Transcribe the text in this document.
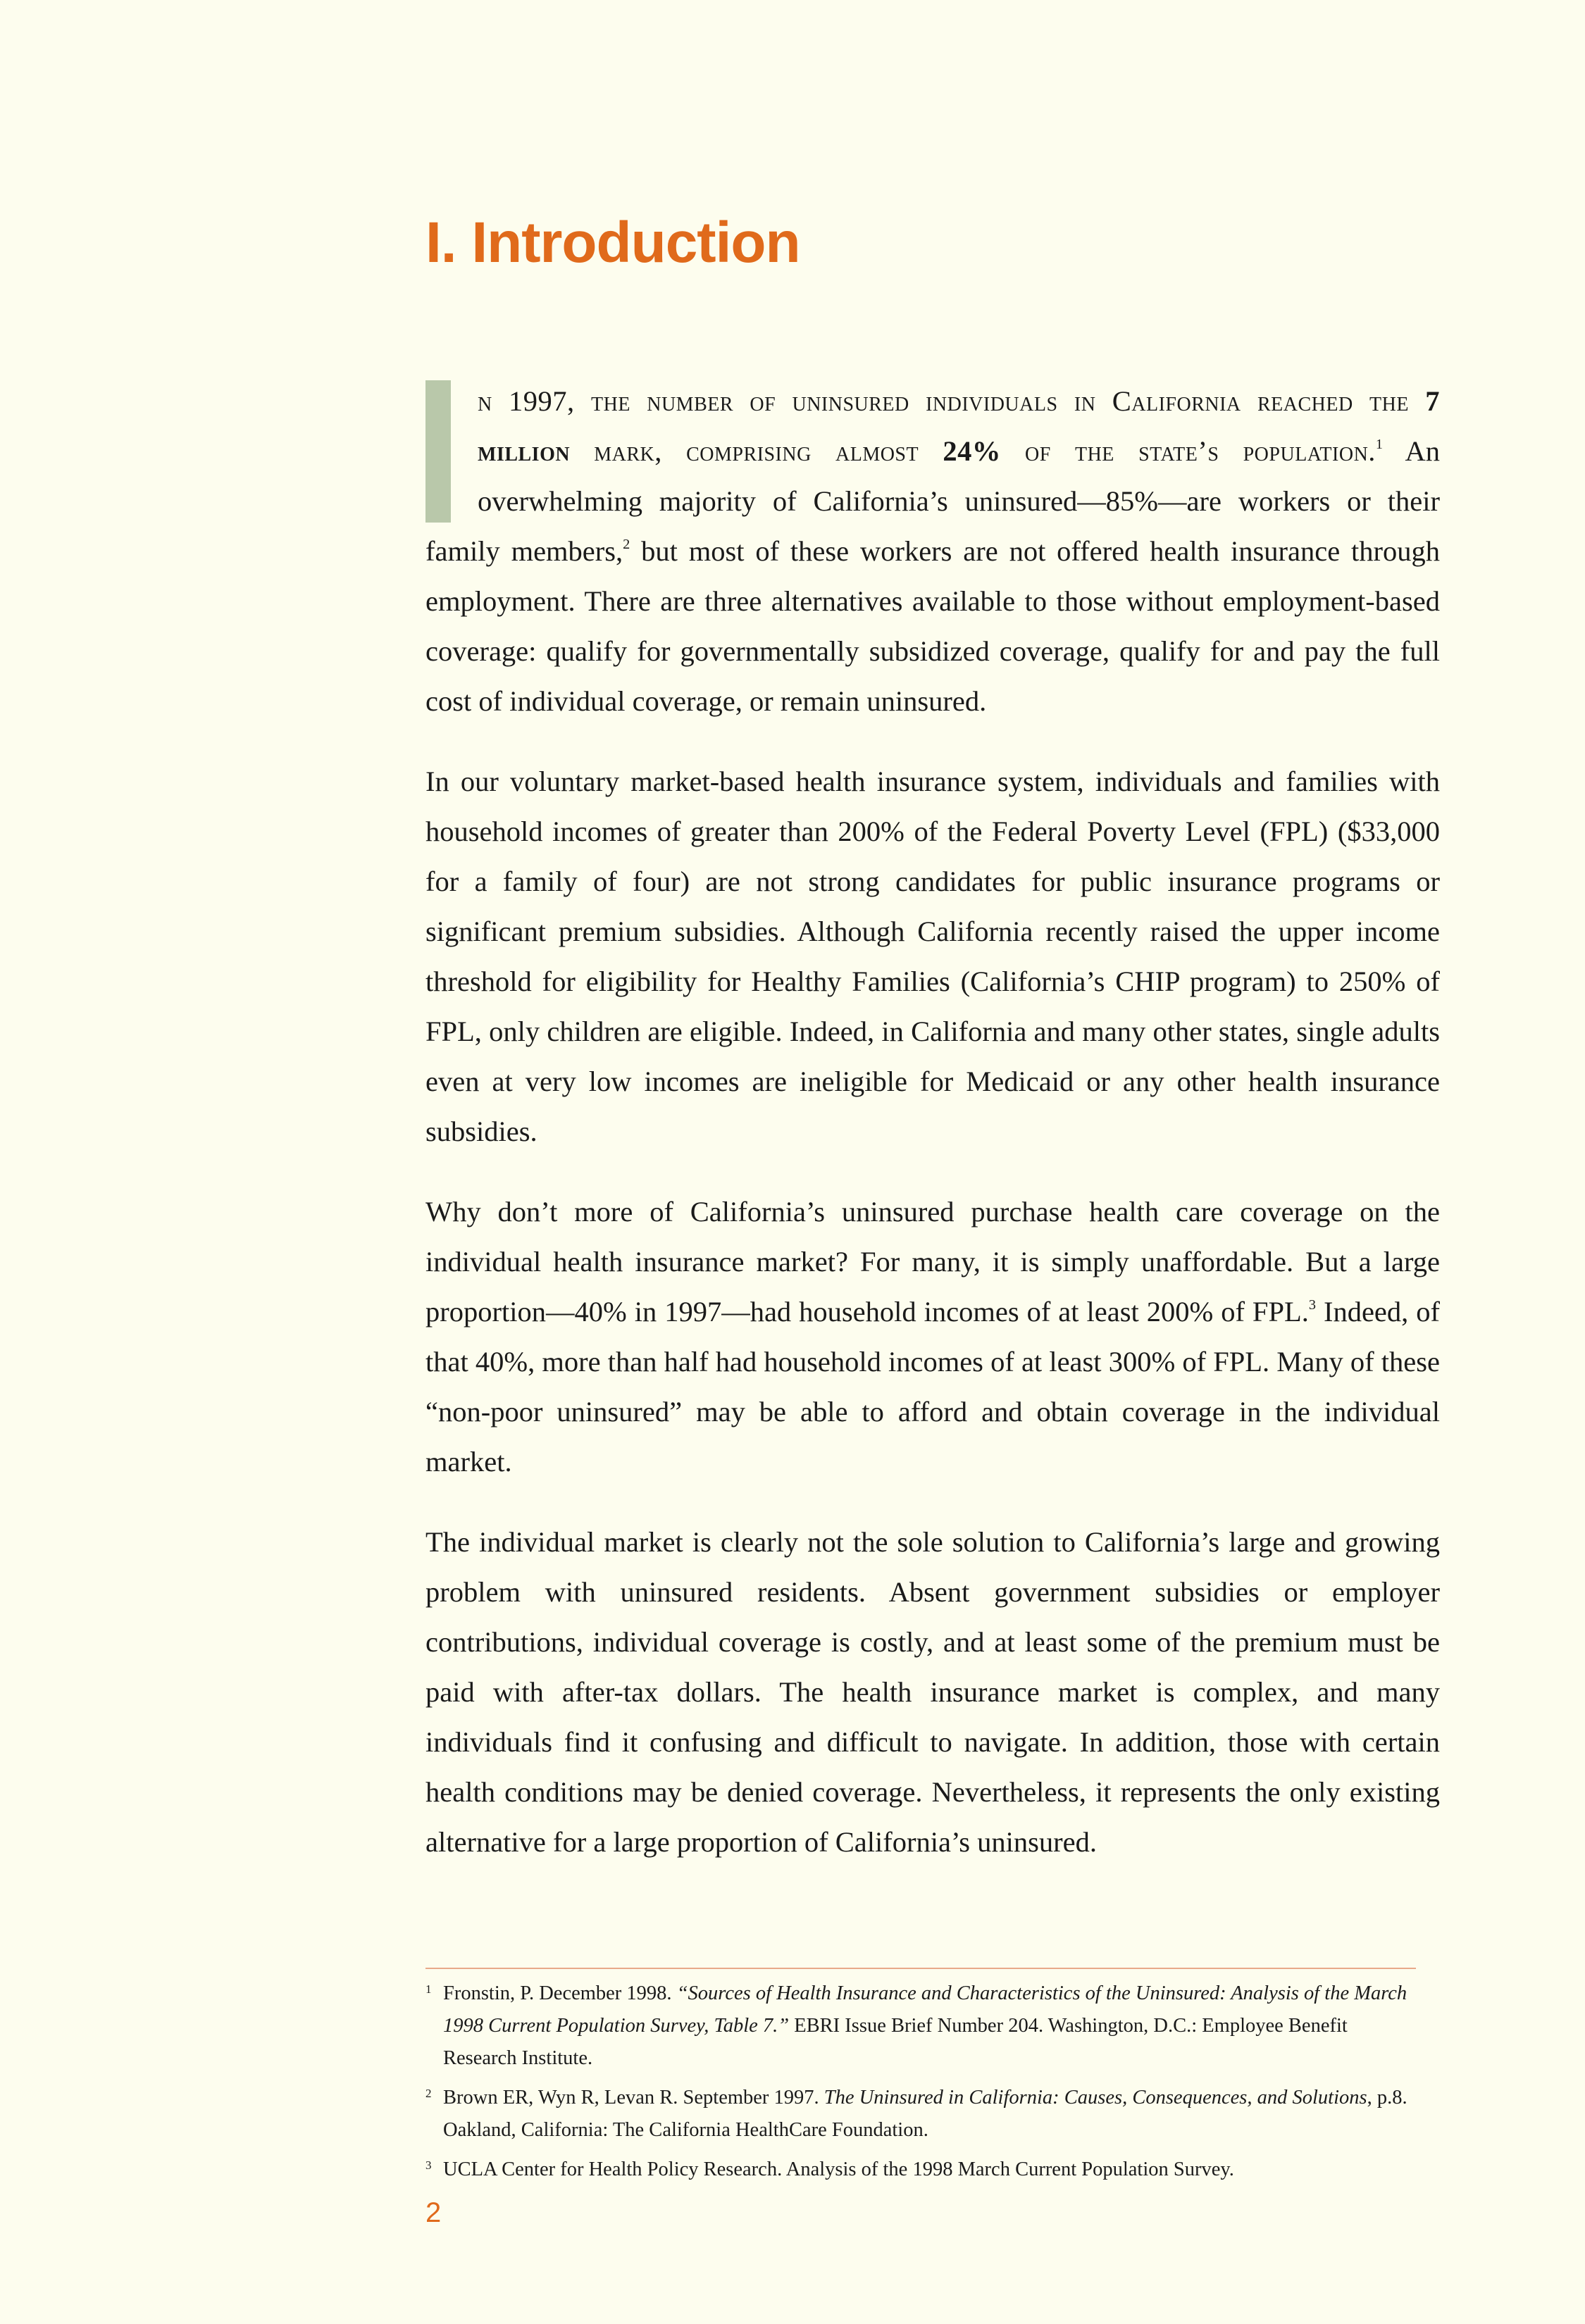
I. Introduction

n 1997, the number of uninsured individuals in California reached the 7 million mark, comprising almost 24% of the state’s population.$^1$ An overwhelming majority of California’s uninsured—85%—are workers or their family members,$^2$ but most of these workers are not offered health insurance through employment. There are three alternatives available to those without employment-based coverage: qualify for governmentally subsidized coverage, qualify for and pay the full cost of individual coverage, or remain uninsured.

In our voluntary market-based health insurance system, individuals and families with household incomes of greater than 200% of the Federal Poverty Level (FPL) ($33,000 for a family of four) are not strong candidates for public insurance programs or significant premium subsidies. Although California recently raised the upper income threshold for eligibility for Healthy Families (California’s CHIP program) to 250% of FPL, only children are eligible. Indeed, in California and many other states, single adults even at very low incomes are ineligible for Medicaid or any other health insurance subsidies.

Why don’t more of California’s uninsured purchase health care coverage on the individual health insurance market? For many, it is simply unaffordable. But a large proportion—40% in 1997—had household incomes of at least 200% of FPL.$^3$ Indeed, of that 40%, more than half had household incomes of at least 300% of FPL. Many of these “non-poor uninsured” may be able to afford and obtain coverage in the individual market.

The individual market is clearly not the sole solution to California’s large and growing problem with uninsured residents. Absent government subsidies or employer contributions, individual coverage is costly, and at least some of the premium must be paid with after-tax dollars. The health insurance market is complex, and many individuals find it confusing and difficult to navigate. In addition, those with certain health conditions may be denied coverage. Nevertheless, it represents the only existing alternative for a large proportion of California’s uninsured.

1 Fronstin, P. December 1998. “Sources of Health Insurance and Characteristics of the Uninsured: Analysis of the March 1998 Current Population Survey, Table 7.” EBRI Issue Brief Number 204. Washington, D.C.: Employee Benefit Research Institute.
2 Brown ER, Wyn R, Levan R. September 1997. The Uninsured in California: Causes, Consequences, and Solutions, p.8. Oakland, California: The California HealthCare Foundation.
3 UCLA Center for Health Policy Research. Analysis of the 1998 March Current Population Survey.
2
